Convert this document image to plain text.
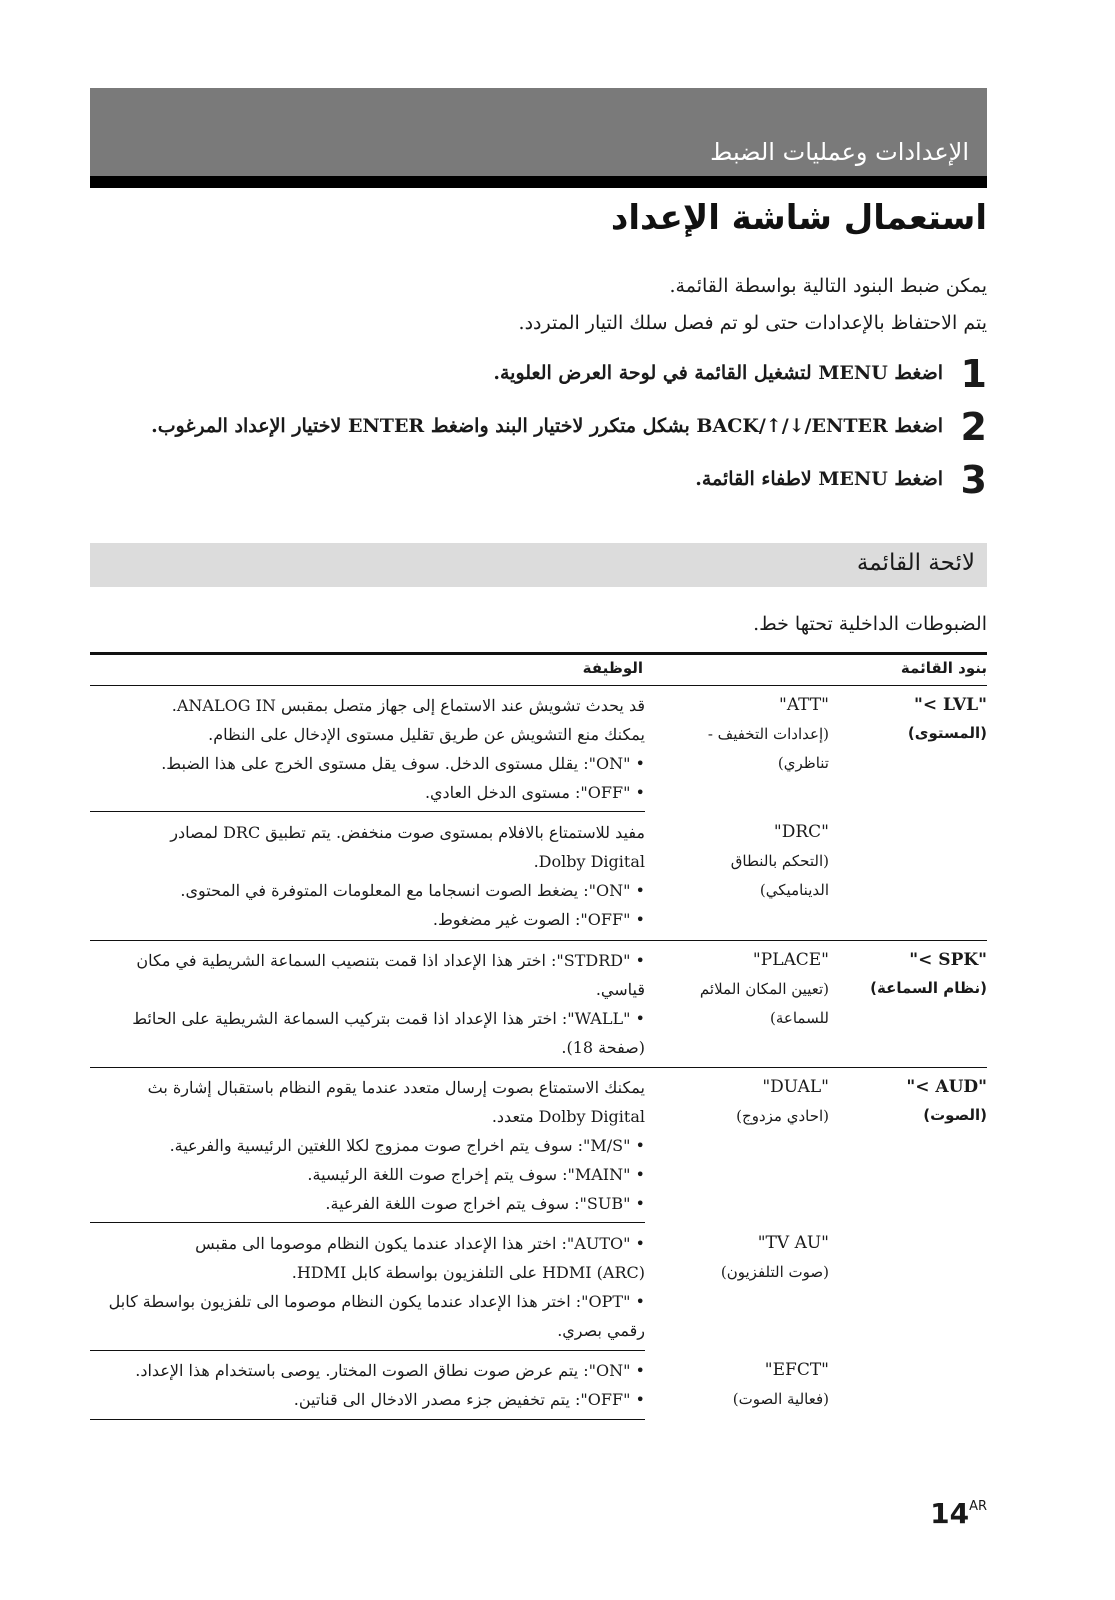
الإعدادات وعمليات الضبط
استعمال شاشة الإعداد
يمكن ضبط البنود التالية بواسطة القائمة.
يتم الاحتفاظ بالإعدادات حتى لو تم فصل سلك التيار المتردد.
1
اضغط MENU لتشغيل القائمة في لوحة العرض العلوية.
2
اضغط BACK/↑/↓/ENTER بشكل متكرر لاختيار البند واضغط ENTER لاختيار الإعداد المرغوب.
3
اضغط MENU لاطفاء القائمة.
لائحة القائمة
الضبوطات الداخلية تحتها خط.
بنود القائمة
الوظيفة
"LVL >"
(المستوى)
"ATT"
(إعدادات التخفيف -
تناظري)
قد يحدث تشويش عند الاستماع إلى جهاز متصل بمقبس ANALOG IN.
يمكنك منع التشويش عن طريق تقليل مستوى الإدخال على النظام.
• "ON": يقلل مستوى الدخل. سوف يقل مستوى الخرج على هذا الضبط.
• "OFF": مستوى الدخل العادي.
"DRC"
(التحكم بالنطاق
الديناميكي)
مفيد للاستمتاع بالافلام بمستوى صوت منخفض. يتم تطبيق DRC لمصادر
Dolby Digital.
• "ON": يضغط الصوت انسجاما مع المعلومات المتوفرة في المحتوى.
• "OFF": الصوت غير مضغوط.
"SPK >"
(نظام السماعة)
"PLACE"
(تعيين المكان الملائم
للسماعة)
• "STDRD": اختر هذا الإعداد اذا قمت بتنصيب السماعة الشريطية في مكان
قياسي.
• "WALL": اختر هذا الإعداد اذا قمت بتركيب السماعة الشريطية على الحائط
(صفحة 18).
"AUD >"
(الصوت)
"DUAL"
(احادي مزدوج)
يمكنك الاستمتاع بصوت إرسال متعدد عندما يقوم النظام باستقبال إشارة بث
Dolby Digital متعدد.
• "M/S": سوف يتم اخراج صوت ممزوج لكلا اللغتين الرئيسية والفرعية.
• "MAIN": سوف يتم إخراج صوت اللغة الرئيسية.
• "SUB": سوف يتم اخراج صوت اللغة الفرعية.
"TV AU"
(صوت التلفزيون)
• "AUTO": اختر هذا الإعداد عندما يكون النظام موصوما الى مقبس
HDMI (ARC) على التلفزيون بواسطة كابل HDMI.
• "OPT": اختر هذا الإعداد عندما يكون النظام موصوما الى تلفزيون بواسطة كابل
رقمي بصري.
"EFCT"
(فعالية الصوت)
• "ON": يتم عرض صوت نطاق الصوت المختار. يوصى باستخدام هذا الإعداد.
• "OFF": يتم تخفيض جزء مصدر الادخال الى قناتين.
$14^{AR}$
